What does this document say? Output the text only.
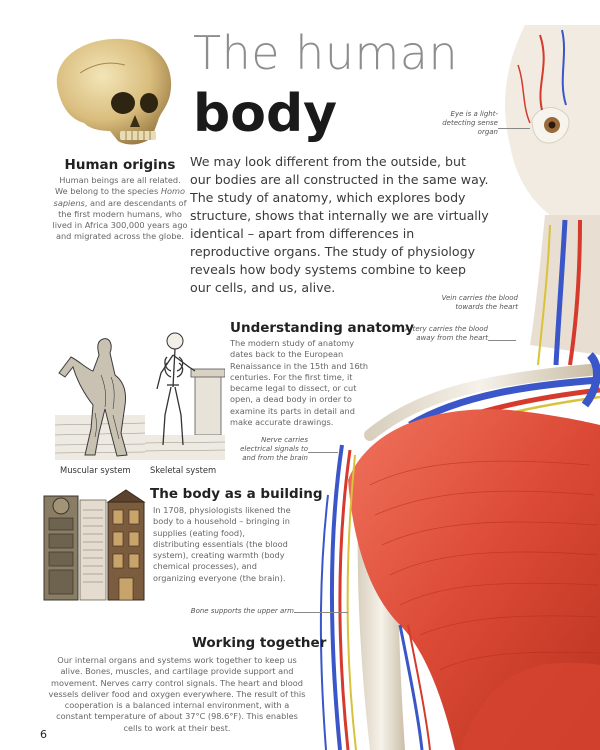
The human
body
We may look different from the outside, but our bodies are all constructed in the same way. The study of anatomy, which explores body structure, shows that internally we are virtually identical – apart from differences in reproductive organs. The study of physiology reveals how body systems combine to keep our cells, and us, alive.
Human origins
Human beings are all related. We belong to the species Homo sapiens, and are descendants of the first modern humans, who lived in Africa 300,000 years ago and migrated across the globe.
Eye is a light-detecting sense organ
Vein carries the blood towards the heart
Artery carries the blood away from the heart
Nerve carries electrical signals to and from the brain
Bone supports the upper arm
Muscular system Skeletal system
Understanding anatomy
The modern study of anatomy dates back to the European Renaissance in the 15th and 16th centuries. For the first time, it became legal to dissect, or cut open, a dead body in order to examine its parts in detail and make accurate drawings.
The body as a building
In 1708, physiologists likened the body to a household – bringing in supplies (eating food), distributing essentials (the blood system), creating warmth (body chemical processes), and organizing everyone (the brain).
Working together
Our internal organs and systems work together to keep us alive. Bones, muscles, and cartilage provide support and movement. Nerves carry control signals. The heart and blood vessels deliver food and oxygen everywhere. The result of this cooperation is a balanced internal environment, with a constant temperature of about 37°C (98.6°F). This enables cells to work at their best.
6
